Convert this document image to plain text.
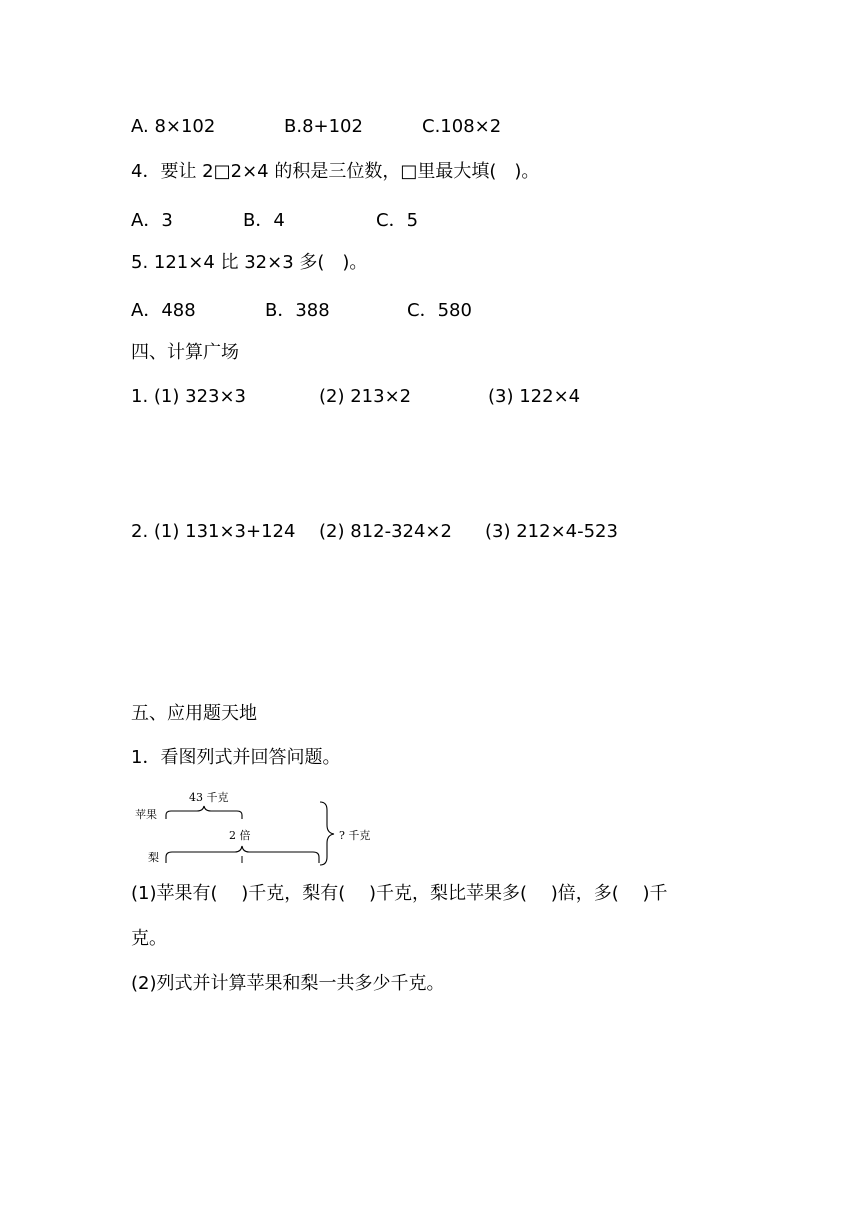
A. 8×102	B.8+102	C.108×2
4．要让 2□2×4 的积是三位数，□里最大填(　)。
A．3	B．4	C．5
5. 121×4 比 32×3 多(　)。
A．488	B．388	C．580
四、计算广场
1. (1) 323×3	(2) 213×2	(3) 122×4
2. (1) 131×3+124 (2) 812-324×2 (3) 212×4-523
五、应用题天地
1．看图列式并回答问题。
43 千克
苹果
2 倍
梨
? 千克
(1)苹果有(　 )千克，梨有(　 )千克，梨比苹果多(　 )倍，多(　 )千
克。
(2)列式并计算苹果和梨一共多少千克。
